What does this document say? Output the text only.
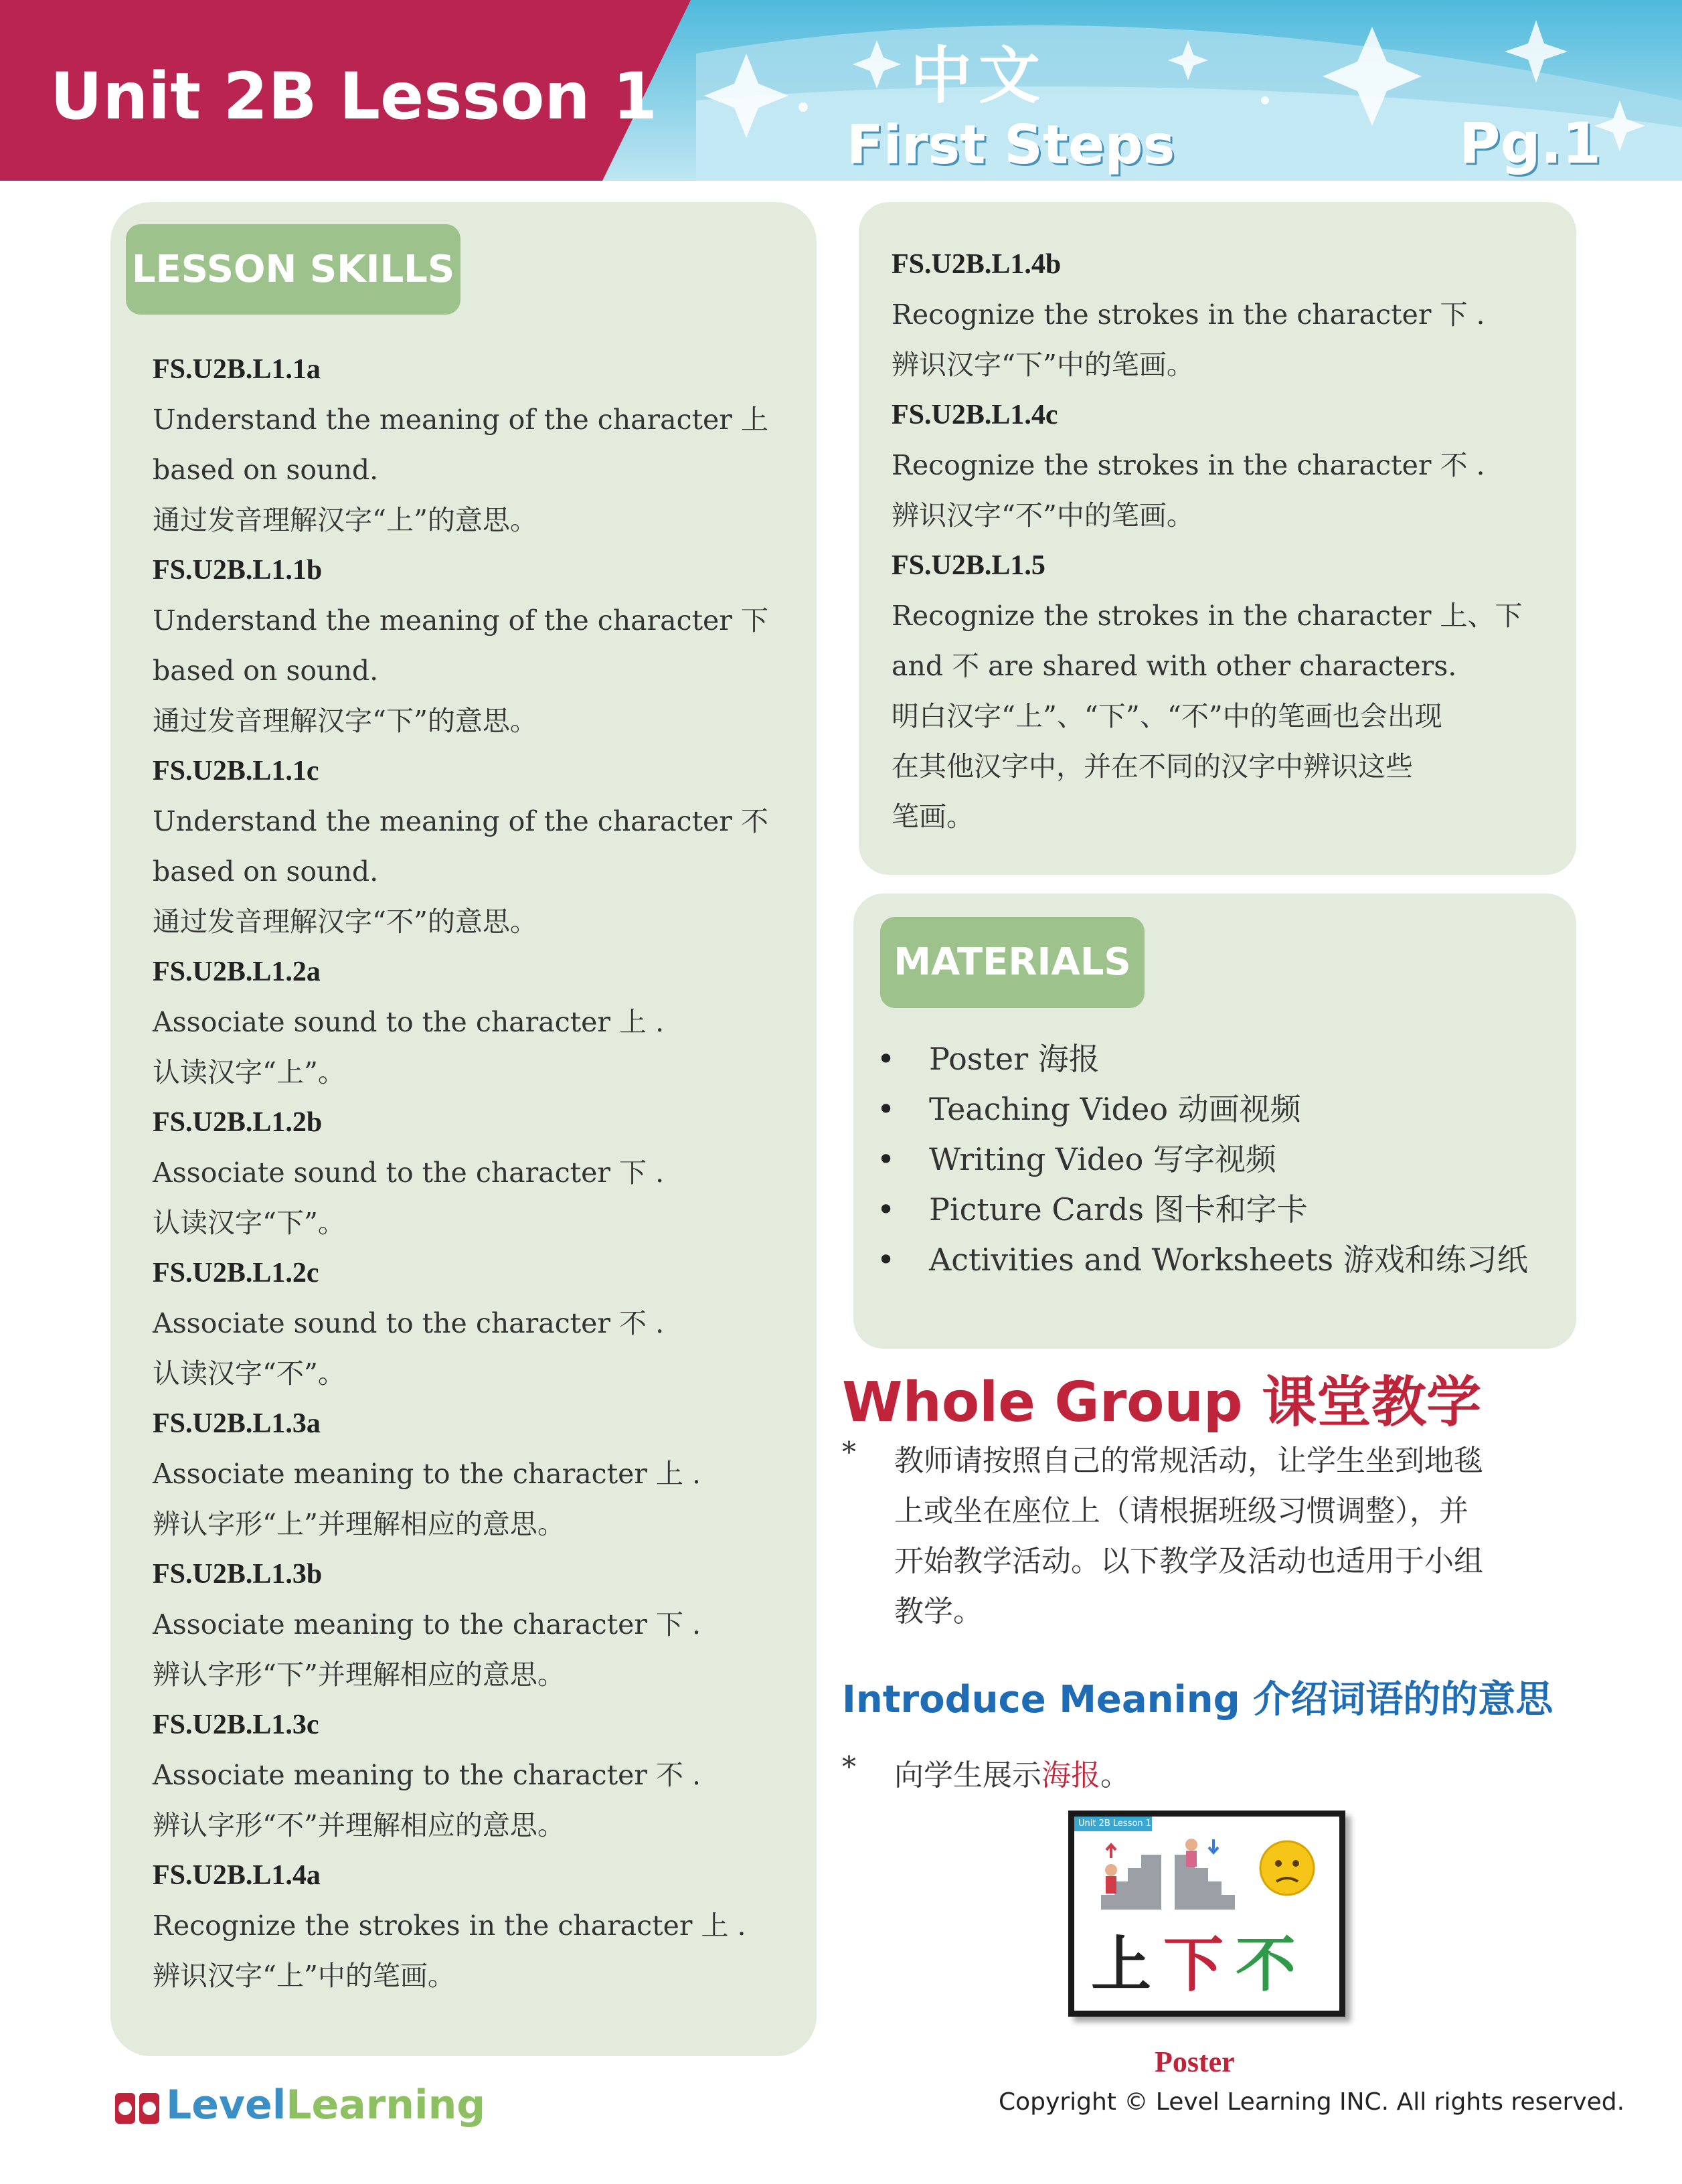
Unit 2B Lesson 1	中文
First Steps	Pg.1
LESSON SKILLS
FS.U2B.L1.1a
Understand the meaning of the character 上
based on sound.
通过发音理解汉字“上”的意思。
FS.U2B.L1.1b
Understand the meaning of the character 下
based on sound.
通过发音理解汉字“下”的意思。
FS.U2B.L1.1c
Understand the meaning of the character 不
based on sound.
通过发音理解汉字“不”的意思。
FS.U2B.L1.2a
Associate sound to the character 上 .
认读汉字“上”。
FS.U2B.L1.2b
Associate sound to the character 下 .
认读汉字“下”。
FS.U2B.L1.2c
Associate sound to the character 不 .
认读汉字“不”。
FS.U2B.L1.3a
Associate meaning to the character 上 .
辨认字形“上”并理解相应的意思。
FS.U2B.L1.3b
Associate meaning to the character 下 .
辨认字形“下”并理解相应的意思。
FS.U2B.L1.3c
Associate meaning to the character 不 .
辨认字形“不”并理解相应的意思。
FS.U2B.L1.4a
Recognize the strokes in the character 上 .
辨识汉字“上”中的笔画。
FS.U2B.L1.4b
Recognize the strokes in the character 下 .
辨识汉字“下”中的笔画。
FS.U2B.L1.4c
Recognize the strokes in the character 不 .
辨识汉字“不”中的笔画。
FS.U2B.L1.5
Recognize the strokes in the character 上、下
and 不 are shared with other characters.
明白汉字“上”、“下”、“不”中的笔画也会出现
在其他汉字中，并在不同的汉字中辨识这些
笔画。
MATERIALS
• Poster 海报
• Teaching Video 动画视频
• Writing Video 写字视频
• Picture Cards 图卡和字卡
• Activities and Worksheets 游戏和练习纸
Whole Group 课堂教学
* 教师请按照自己的常规活动，让学生坐到地毯
上或坐在座位上（请根据班级习惯调整），并
开始教学活动。以下教学及活动也适用于小组
教学。
Introduce Meaning 介绍词语的的意思
* 向学生展示海报。
Unit 2B Lesson 1
上 下 不
Poster
LevelLearning	Copyright © Level Learning INC. All rights reserved.
